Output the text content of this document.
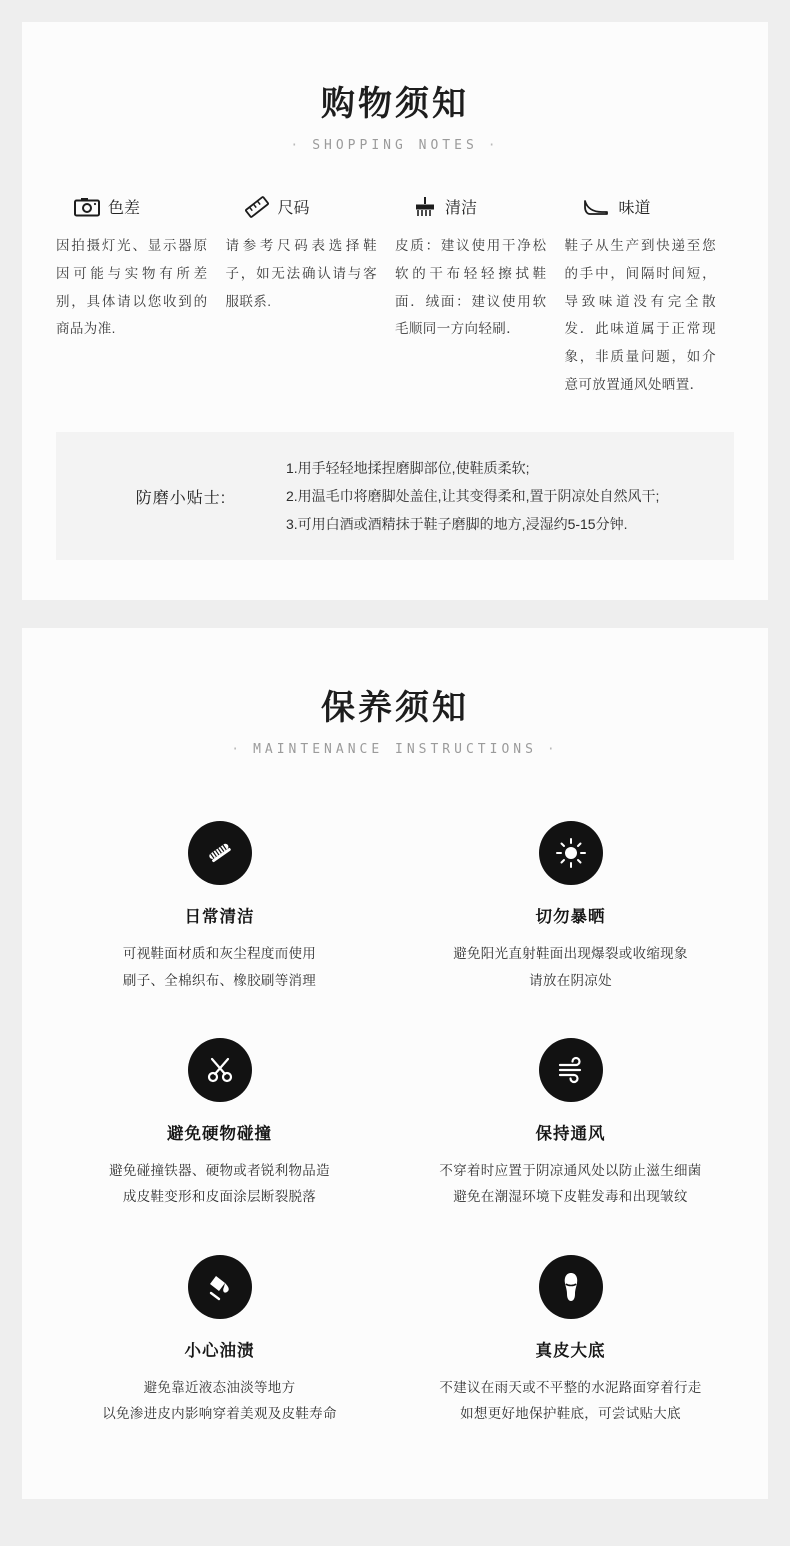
购物须知
· SHOPPING NOTES ·
色差
因拍摄灯光、显示器原因可能与实物有所差别，具体请以您收到的商品为准.
尺码
请参考尺码表选择鞋子，如无法确认请与客服联系.
清洁
皮质：建议使用干净松软的干布轻轻擦拭鞋面．绒面：建议使用软毛顺同一方向轻刷．
味道
鞋子从生产到快递至您的手中，间隔时间短，导致味道没有完全散发．此味道属于正常现象，非质量问题，如介意可放置通风处晒置．
防磨小贴士:
1.用手轻轻地揉捏磨脚部位,使鞋质柔软;
2.用温毛巾将磨脚处盖住,让其变得柔和,置于阴凉处自然风干;
3.可用白酒或酒精抹于鞋子磨脚的地方,浸湿约5-15分钟.
保养须知
· MAINTENANCE INSTRUCTIONS ·
日常清洁
可视鞋面材质和灰尘程度而使用
刷子、全棉织布、橡胶刷等消理
切勿暴晒
避免阳光直射鞋面出现爆裂或收缩现象
请放在阴凉处
避免硬物碰撞
避免碰撞铁器、硬物或者锐利物品造
成皮鞋变形和皮面涂层断裂脱落
保持通风
不穿着时应置于阴凉通风处以防止滋生细菌
避免在潮湿环境下皮鞋发毒和出现皱纹
小心油渍
避免靠近液态油淡等地方
以免渗进皮内影响穿着美观及皮鞋寿命
真皮大底
不建议在雨天或不平整的水泥路面穿着行走
如想更好地保护鞋底，可尝试贴大底
